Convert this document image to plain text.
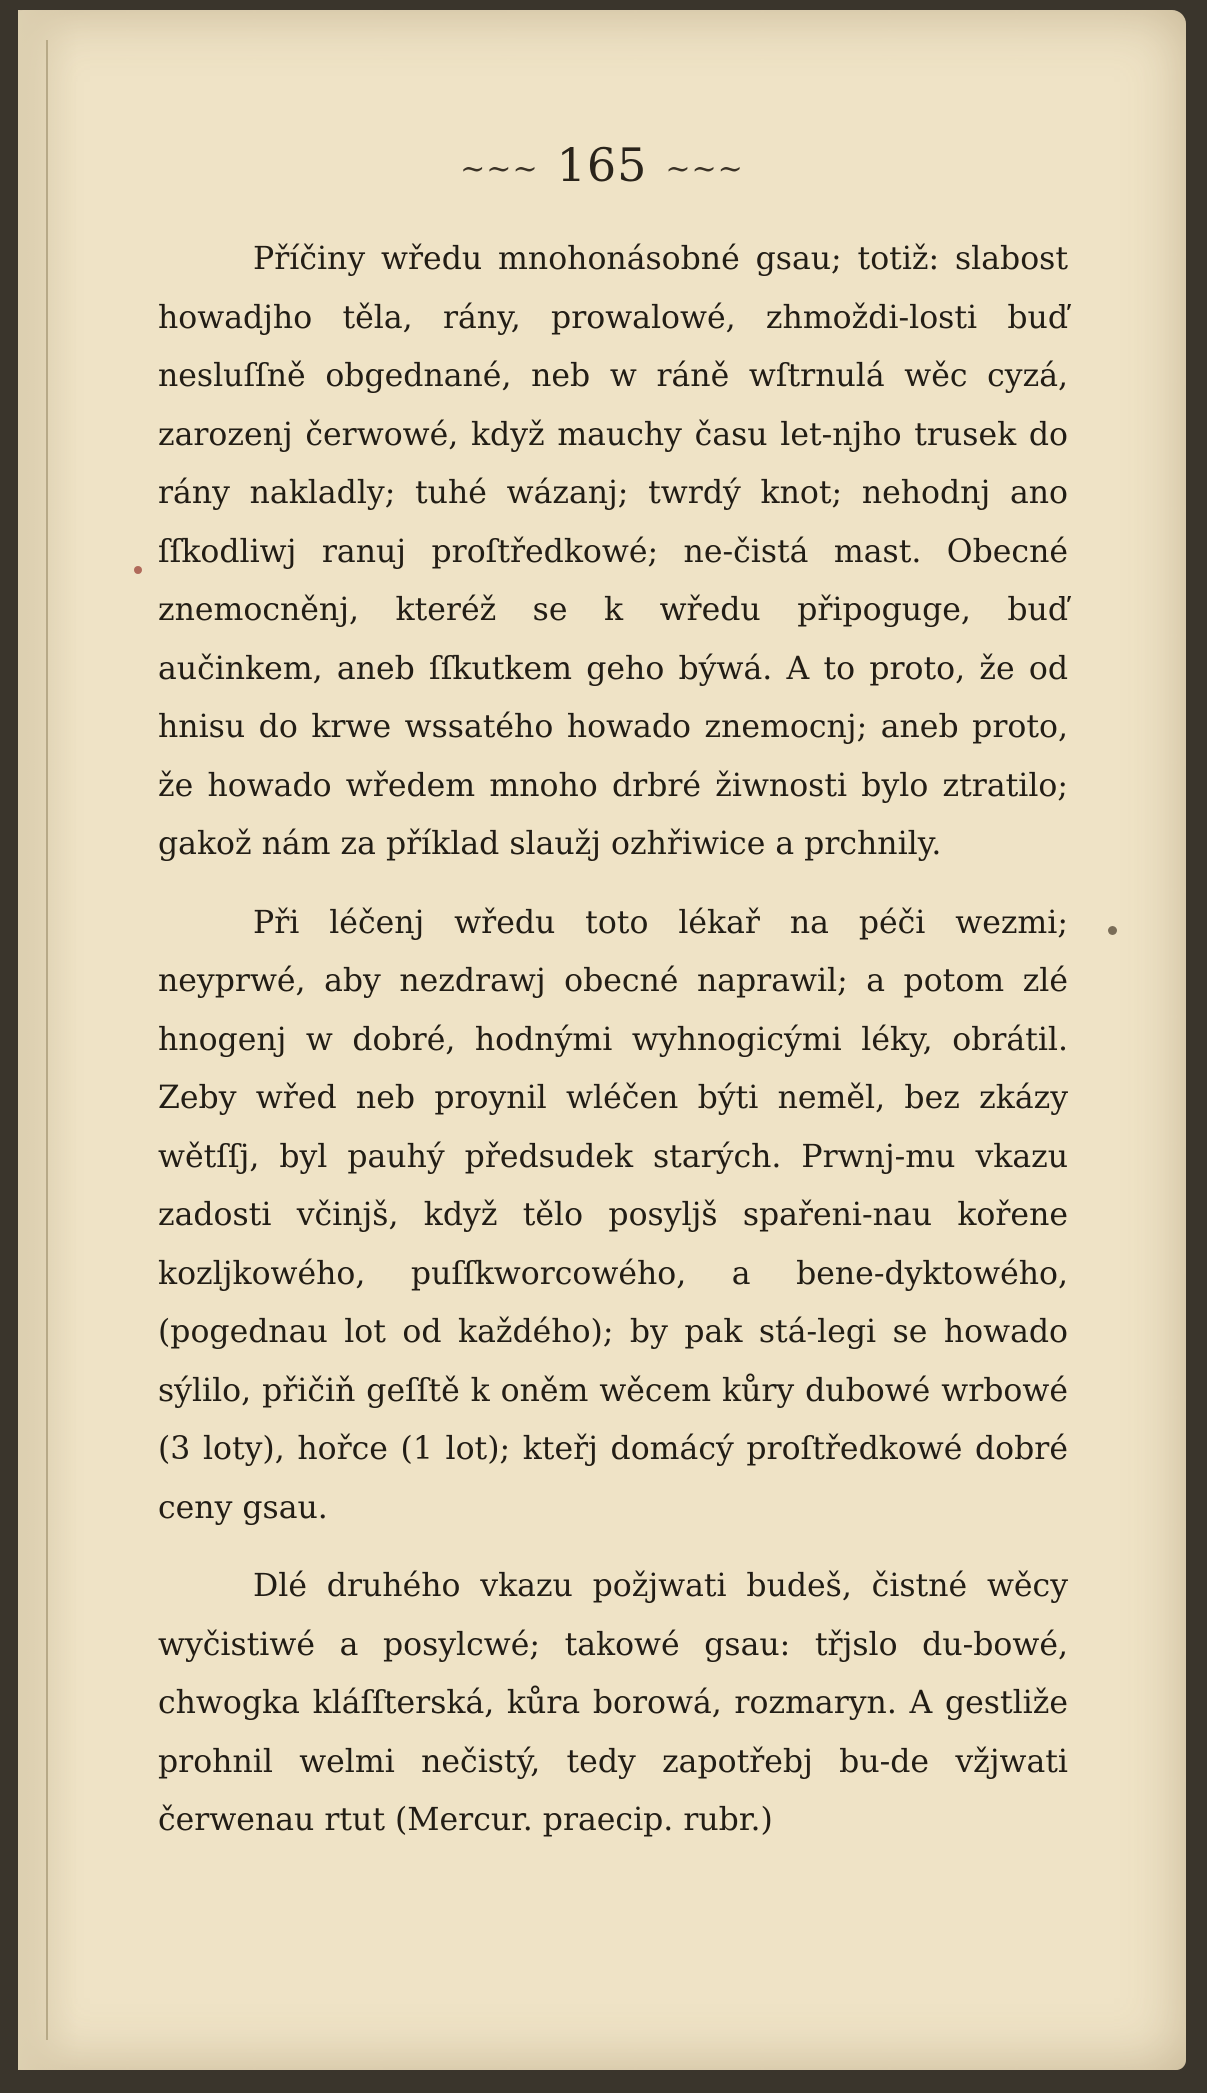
~~~ 165 ~~~

Příčiny wředu mnohonásobné gsau; totiž: slabost howadjho těla, rány, prowalowé, zhmoždi-losti buď nesluſſně obgednané, neb w ráně wſtrnulá wěc cyzá, zarozenj čerwowé, když mauchy času let-njho trusek do rány nakladly; tuhé wázanj; twrdý knot; nehodnj ano ſſkodliwj ranuj proſtředkowé; ne-čistá mast. Obecné znemocněnj, kteréž se k wředu připoguge, buď aučinkem, aneb ſſkutkem geho býwá. A to proto, že od hnisu do krwe wssatého howado znemocnj; aneb proto, že howado wředem mnoho drbré žiwnosti bylo ztratilo; gakož nám za příklad slaužj ozhřiwice a prchnily.

Při léčenj wředu toto lékař na péči wezmi; neyprwé, aby nezdrawj obecné naprawil; a potom zlé hnogenj w dobré, hodnými wyhnogicými léky, obrátil. Zeby wřed neb proynil wléčen býti neměl, bez zkázy wětſſj, byl pauhý předsudek starých. Prwnj-mu vkazu zadosti včinjš, když tělo posyljš spařeni-nau kořene kozljkowého, puſſkworcowého, a bene-dyktowého, (pogednau lot od každého); by pak stá-legi se howado sýlilo, přičiň geſſtě k oněm wěcem kůry dubowé wrbowé (3 loty), hořce (1 lot); kteřj domácý proſtředkowé dobré ceny gsau.

Dlé druhého vkazu požjwati budeš, čistné wěcy wyčistiwé a posylcwé; takowé gsau: třjslo du-bowé, chwogka kláſſterská, kůra borowá, rozmaryn. A gestliže prohnil welmi nečistý, tedy zapotřebj bu-de vžjwati čerwenau rtut (Mercur. praecip. rubr.)
